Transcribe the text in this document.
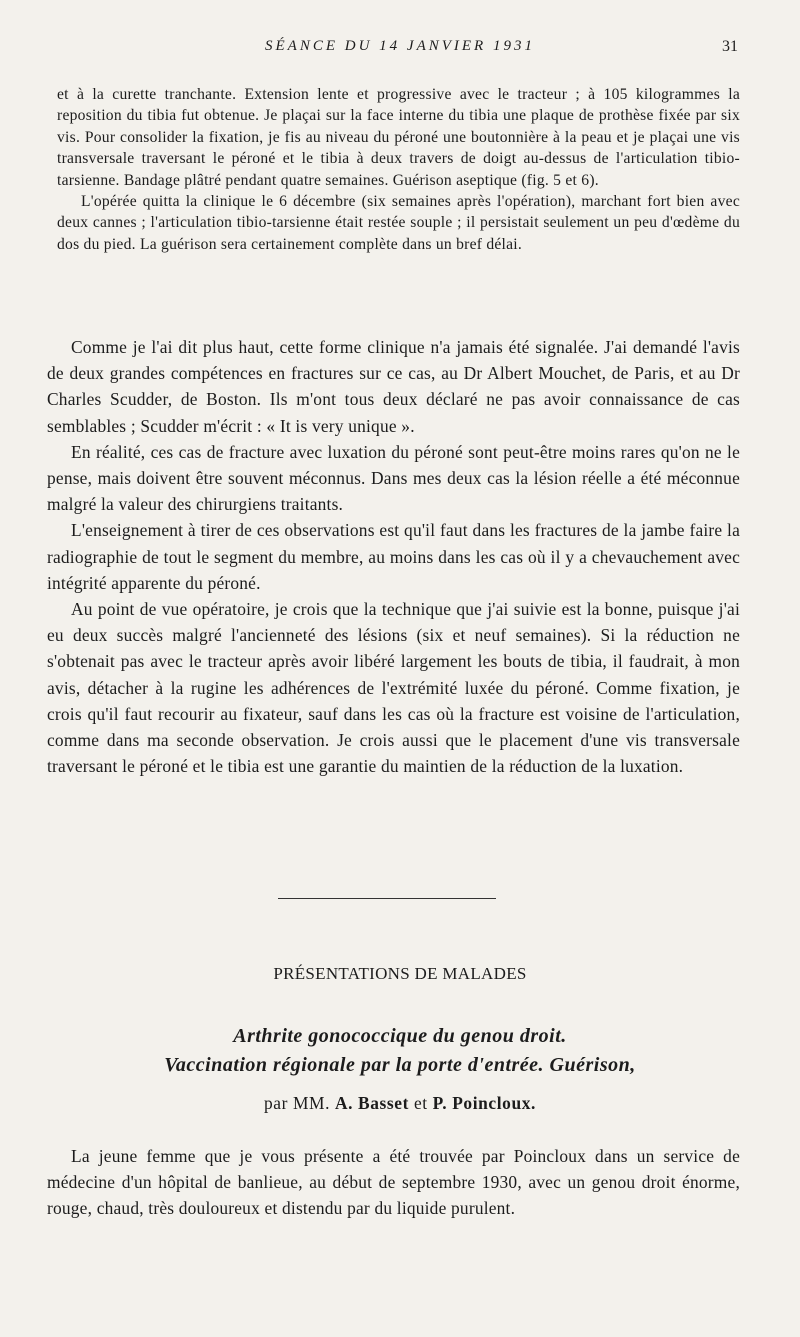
SÉANCE DU 14 JANVIER 1931	31

et à la curette tranchante. Extension lente et progressive avec le tracteur ; à 105 kilogrammes la reposition du tibia fut obtenue. Je plaçai sur la face interne du tibia une plaque de prothèse fixée par six vis. Pour consolider la fixation, je fis au niveau du péroné une boutonnière à la peau et je plaçai une vis transversale traversant le péroné et le tibia à deux travers de doigt au-dessus de l'articulation tibio-tarsienne. Bandage plâtré pendant quatre semaines. Guérison aseptique (fig. 5 et 6).

L'opérée quitta la clinique le 6 décembre (six semaines après l'opération), marchant fort bien avec deux cannes ; l'articulation tibio-tarsienne était restée souple ; il persistait seulement un peu d'œdème du dos du pied. La guérison sera certainement complète dans un bref délai.

Comme je l'ai dit plus haut, cette forme clinique n'a jamais été signalée. J'ai demandé l'avis de deux grandes compétences en fractures sur ce cas, au Dr Albert Mouchet, de Paris, et au Dr Charles Scudder, de Boston. Ils m'ont tous deux déclaré ne pas avoir connaissance de cas semblables ; Scudder m'écrit : « It is very unique ».

En réalité, ces cas de fracture avec luxation du péroné sont peut-être moins rares qu'on ne le pense, mais doivent être souvent méconnus. Dans mes deux cas la lésion réelle a été méconnue malgré la valeur des chirurgiens traitants.

L'enseignement à tirer de ces observations est qu'il faut dans les fractures de la jambe faire la radiographie de tout le segment du membre, au moins dans les cas où il y a chevauchement avec intégrité apparente du péroné.

Au point de vue opératoire, je crois que la technique que j'ai suivie est la bonne, puisque j'ai eu deux succès malgré l'ancienneté des lésions (six et neuf semaines). Si la réduction ne s'obtenait pas avec le tracteur après avoir libéré largement les bouts de tibia, il faudrait, à mon avis, détacher à la rugine les adhérences de l'extrémité luxée du péroné. Comme fixation, je crois qu'il faut recourir au fixateur, sauf dans les cas où la fracture est voisine de l'articulation, comme dans ma seconde observation. Je crois aussi que le placement d'une vis transversale traversant le péroné et le tibia est une garantie du maintien de la réduction de la luxation.

PRÉSENTATIONS DE MALADES
Arthrite gonococcique du genou droit.
Vaccination régionale par la porte d'entrée. Guérison,
par MM. A. Basset et P. Poincloux.

La jeune femme que je vous présente a été trouvée par Poincloux dans un service de médecine d'un hôpital de banlieue, au début de septembre 1930, avec un genou droit énorme, rouge, chaud, très douloureux et distendu par du liquide purulent.
